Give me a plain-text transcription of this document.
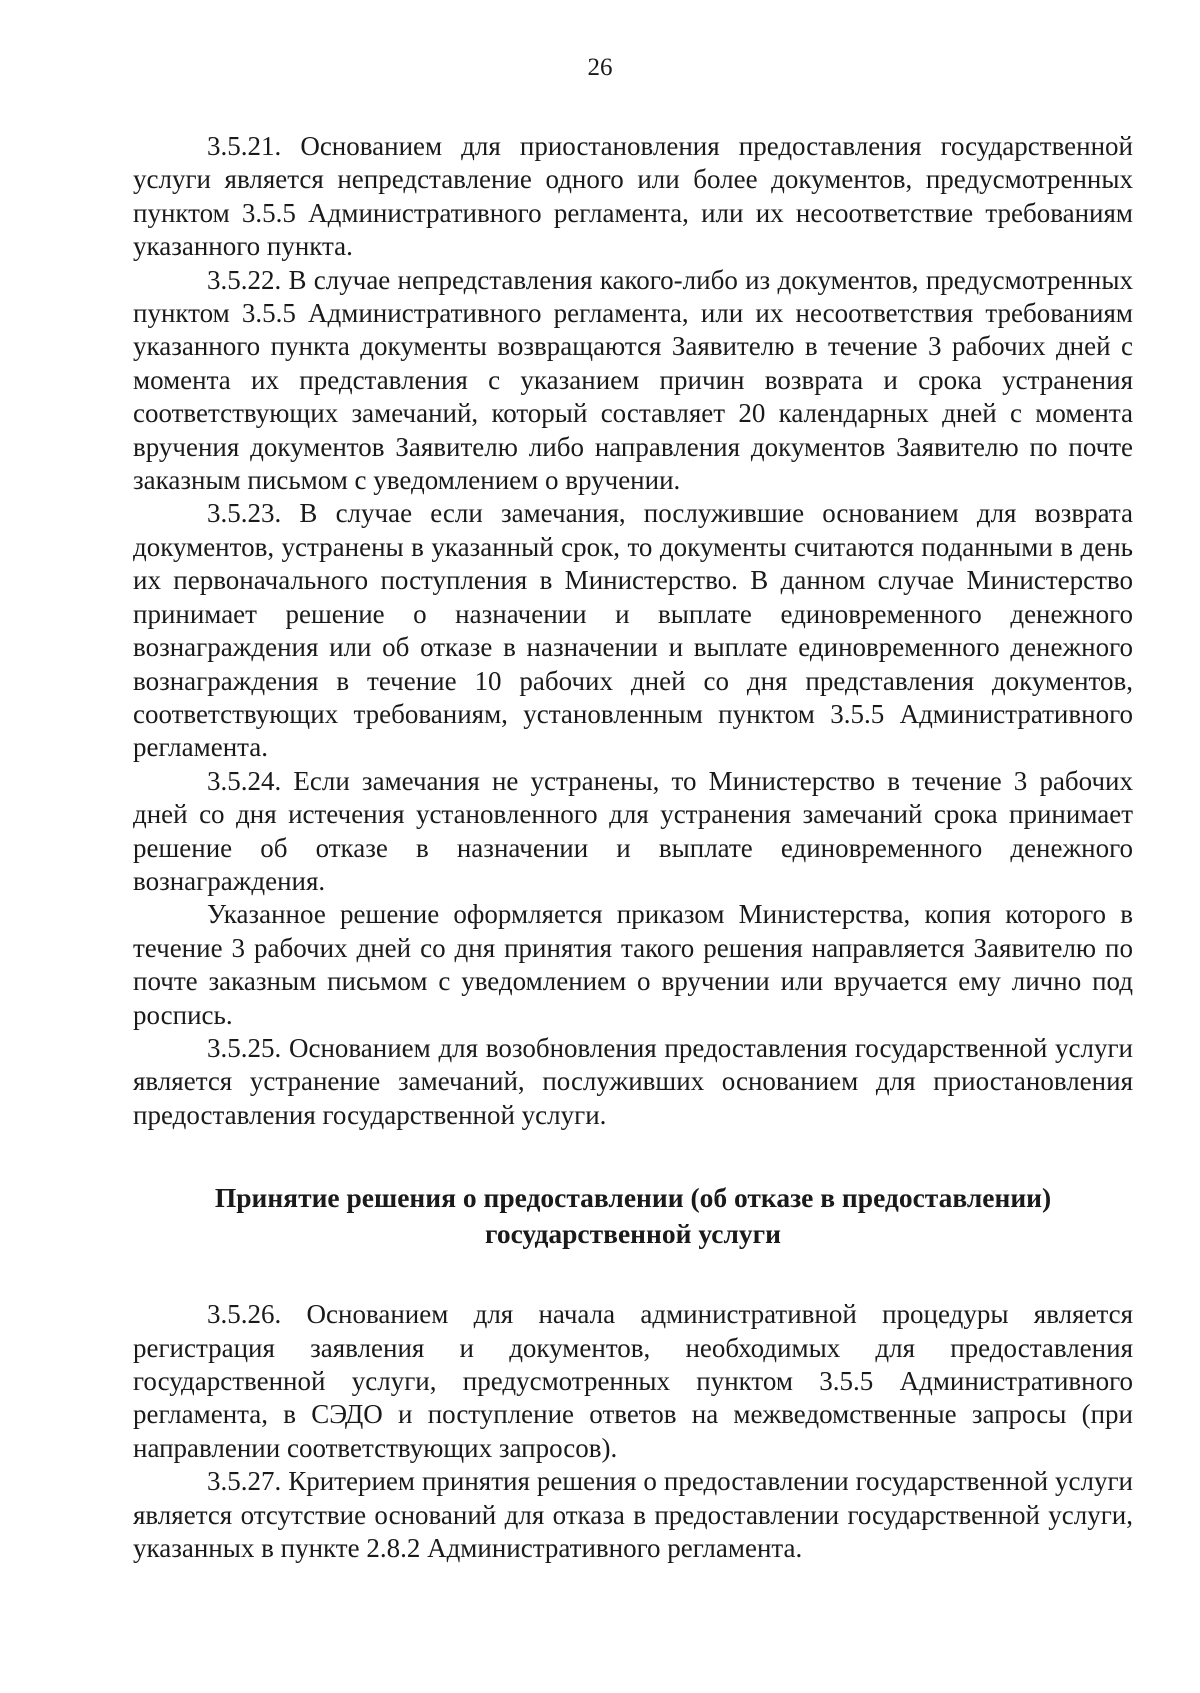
26

3.5.21. Основанием для приостановления предоставления государственной услуги является непредставление одного или более документов, предусмотренных пунктом 3.5.5 Административного регламента, или их несоответствие требованиям указанного пункта.

3.5.22. В случае непредставления какого-либо из документов, предусмотренных пунктом 3.5.5 Административного регламента, или их несоответствия требованиям указанного пункта документы возвращаются Заявителю в течение 3 рабочих дней с момента их представления с указанием причин возврата и срока устранения соответствующих замечаний, который составляет 20 календарных дней с момента вручения документов Заявителю либо направления документов Заявителю по почте заказным письмом с уведомлением о вручении.

3.5.23. В случае если замечания, послужившие основанием для возврата документов, устранены в указанный срок, то документы считаются поданными в день их первоначального поступления в Министерство. В данном случае Министерство принимает решение о назначении и выплате единовременного денежного вознаграждения или об отказе в назначении и выплате единовременного денежного вознаграждения в течение 10 рабочих дней со дня представления документов, соответствующих требованиям, установленным пунктом 3.5.5 Административного регламента.

3.5.24. Если замечания не устранены, то Министерство в течение 3 рабочих дней со дня истечения установленного для устранения замечаний срока принимает решение об отказе в назначении и выплате единовременного денежного вознаграждения.

Указанное решение оформляется приказом Министерства, копия которого в течение 3 рабочих дней со дня принятия такого решения направляется Заявителю по почте заказным письмом с уведомлением о вручении или вручается ему лично под роспись.

3.5.25. Основанием для возобновления предоставления государственной услуги является устранение замечаний, послуживших основанием для приостановления предоставления государственной услуги.

Принятие решения о предоставлении (об отказе в предоставлении)
государственной услуги

3.5.26. Основанием для начала административной процедуры является регистрация заявления и документов, необходимых для предоставления государственной услуги, предусмотренных пунктом 3.5.5 Административного регламента, в СЭДО и поступление ответов на межведомственные запросы (при направлении соответствующих запросов).

3.5.27. Критерием принятия решения о предоставлении государственной услуги является отсутствие оснований для отказа в предоставлении государственной услуги, указанных в пункте 2.8.2 Административного регламента.
